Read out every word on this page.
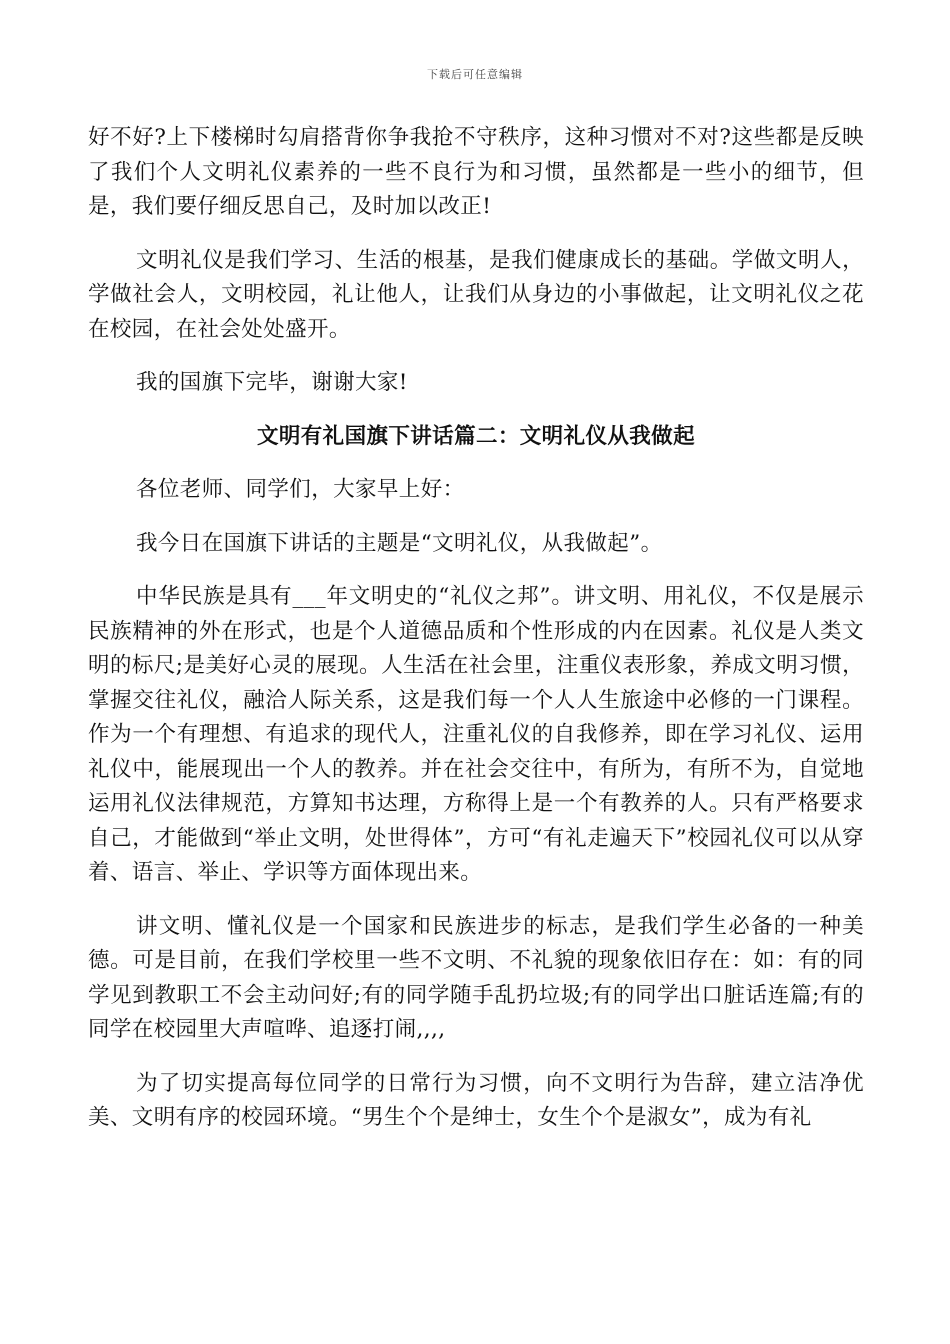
下载后可任意编辑

好不好?上下楼梯时勾肩搭背你争我抢不守秩序，这种习惯对不对?这些都是反映了我们个人文明礼仪素养的一些不良行为和习惯，虽然都是一些小的细节，但是，我们要仔细反思自己，及时加以改正!

文明礼仪是我们学习、生活的根基，是我们健康成长的基础。学做文明人，学做社会人，文明校园，礼让他人，让我们从身边的小事做起，让文明礼仪之花在校园，在社会处处盛开。

我的国旗下完毕，谢谢大家!

文明有礼国旗下讲话篇二：文明礼仪从我做起

各位老师、同学们，大家早上好：

我今日在国旗下讲话的主题是“文明礼仪，从我做起”。

中华民族是具有___年文明史的“礼仪之邦”。讲文明、用礼仪，不仅是展示民族精神的外在形式，也是个人道德品质和个性形成的内在因素。礼仪是人类文明的标尺;是美好心灵的展现。人生活在社会里，注重仪表形象，养成文明习惯，掌握交往礼仪，融洽人际关系，这是我们每一个人人生旅途中必修的一门课程。作为一个有理想、有追求的现代人，注重礼仪的自我修养，即在学习礼仪、运用礼仪中，能展现出一个人的教养。并在社会交往中，有所为，有所不为，自觉地运用礼仪法律规范，方算知书达理，方称得上是一个有教养的人。只有严格要求自己，才能做到“举止文明，处世得体”，方可“有礼走遍天下”校园礼仪可以从穿着、语言、举止、学识等方面体现出来。

讲文明、懂礼仪是一个国家和民族进步的标志，是我们学生必备的一种美德。可是目前，在我们学校里一些不文明、不礼貌的现象依旧存在：如：有的同学见到教职工不会主动问好;有的同学随手乱扔垃圾;有的同学出口脏话连篇;有的同学在校园里大声喧哗、追逐打闹,,,,

为了切实提高每位同学的日常行为习惯，向不文明行为告辞，建立洁净优美、文明有序的校园环境。“男生个个是绅士，女生个个是淑女”，成为有礼
